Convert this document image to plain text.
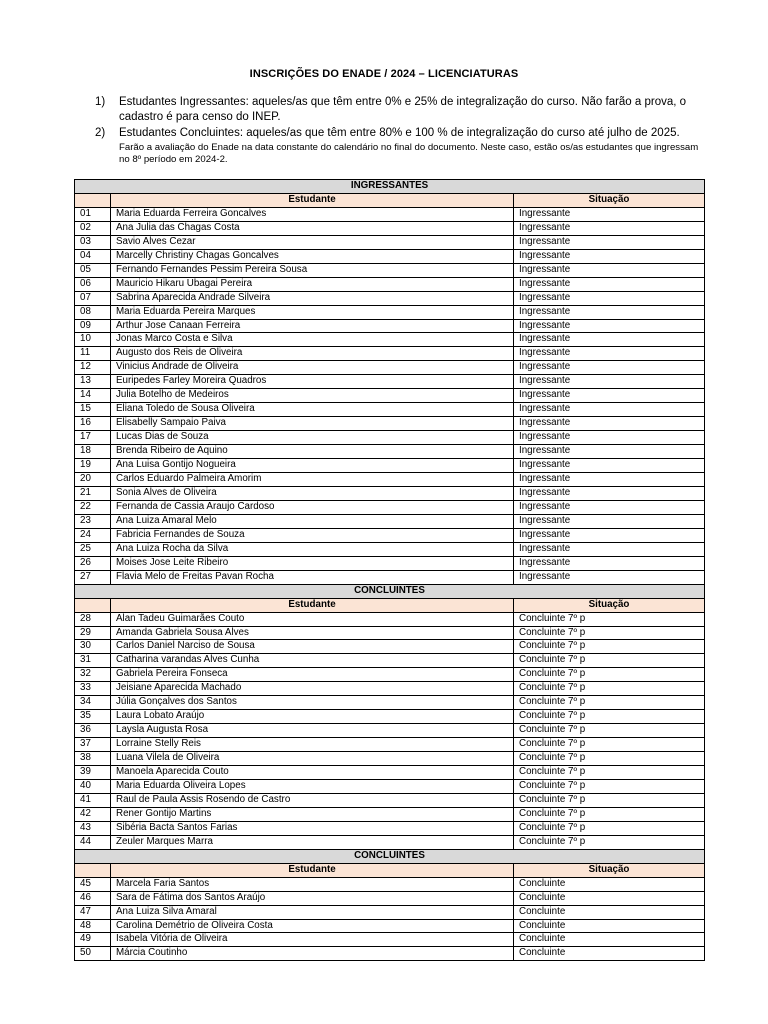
INSCRIÇÕES DO ENADE / 2024 – LICENCIATURAS
1) Estudantes Ingressantes: aqueles/as que têm entre 0% e 25% de integralização do curso. Não farão a prova, o cadastro é para censo do INEP.
2) Estudantes Concluintes: aqueles/as que têm entre 80% e 100 % de integralização do curso até julho de 2025.
Farão a avaliação do Enade na data constante do calendário no final do documento. Neste caso, estão os/as estudantes que ingressam no 8º período em 2024-2.
INGRESSANTES		
	Estudante	Situação
01	Maria Eduarda Ferreira Goncalves	Ingressante
02	Ana Julia das Chagas Costa	Ingressante
03	Savio Alves Cezar	Ingressante
04	Marcelly Christiny Chagas Goncalves	Ingressante
05	Fernando Fernandes Pessim Pereira Sousa	Ingressante
06	Mauricio Hikaru Ubagai Pereira	Ingressante
07	Sabrina Aparecida Andrade Silveira	Ingressante
08	Maria Eduarda Pereira Marques	Ingressante
09	Arthur Jose Canaan Ferreira	Ingressante
10	Jonas Marco Costa e Silva	Ingressante
11	Augusto dos Reis de Oliveira	Ingressante
12	Vinicius Andrade de Oliveira	Ingressante
13	Euripedes Farley Moreira Quadros	Ingressante
14	Julia Botelho de Medeiros	Ingressante
15	Eliana Toledo de Sousa Oliveira	Ingressante
16	Elisabelly Sampaio Paiva	Ingressante
17	Lucas Dias de Souza	Ingressante
18	Brenda Ribeiro de Aquino	Ingressante
19	Ana Luisa Gontijo Nogueira	Ingressante
20	Carlos Eduardo Palmeira Amorim	Ingressante
21	Sonia Alves de Oliveira	Ingressante
22	Fernanda de Cassia Araujo Cardoso	Ingressante
23	Ana Luiza Amaral Melo	Ingressante
24	Fabricia Fernandes de Souza	Ingressante
25	Ana Luiza Rocha da Silva	Ingressante
26	Moises Jose Leite Ribeiro	Ingressante
27	Flavia Melo de Freitas Pavan Rocha	Ingressante
CONCLUINTES		
	Estudante	Situação
28	Alan Tadeu Guimarães Couto	Concluinte 7º p
29	Amanda Gabriela Sousa Alves	Concluinte 7º p
30	Carlos Daniel Narciso de Sousa	Concluinte 7º p
31	Catharina varandas Alves Cunha	Concluinte 7º p
32	Gabriela Pereira Fonseca	Concluinte 7º p
33	Jeisiane Aparecida Machado	Concluinte 7º p
34	Júlia Gonçalves dos Santos	Concluinte 7º p
35	Laura Lobato Araújo	Concluinte 7º p
36	Laysla Augusta Rosa	Concluinte 7º p
37	Lorraine Stelly Reis	Concluinte 7º p
38	Luana Vilela de Oliveira	Concluinte 7º p
39	Manoela Aparecida Couto	Concluinte 7º p
40	Maria Eduarda Oliveira Lopes	Concluinte 7º p
41	Raul de Paula Assis Rosendo de Castro	Concluinte 7º p
42	Rener Gontijo Martins	Concluinte 7º p
43	Sibéria Bacta Santos Farias	Concluinte 7º p
44	Zeuler Marques Marra	Concluinte 7º p
CONCLUINTES		
	Estudante	Situação
45	Marcela Faria Santos	Concluinte
46	Sara de Fátima dos Santos Araújo	Concluinte
47	Ana Luiza Silva Amaral	Concluinte
48	Carolina Demétrio de Oliveira Costa	Concluinte
49	Isabela Vitória de Oliveira	Concluinte
50	Márcia Coutinho	Concluinte
